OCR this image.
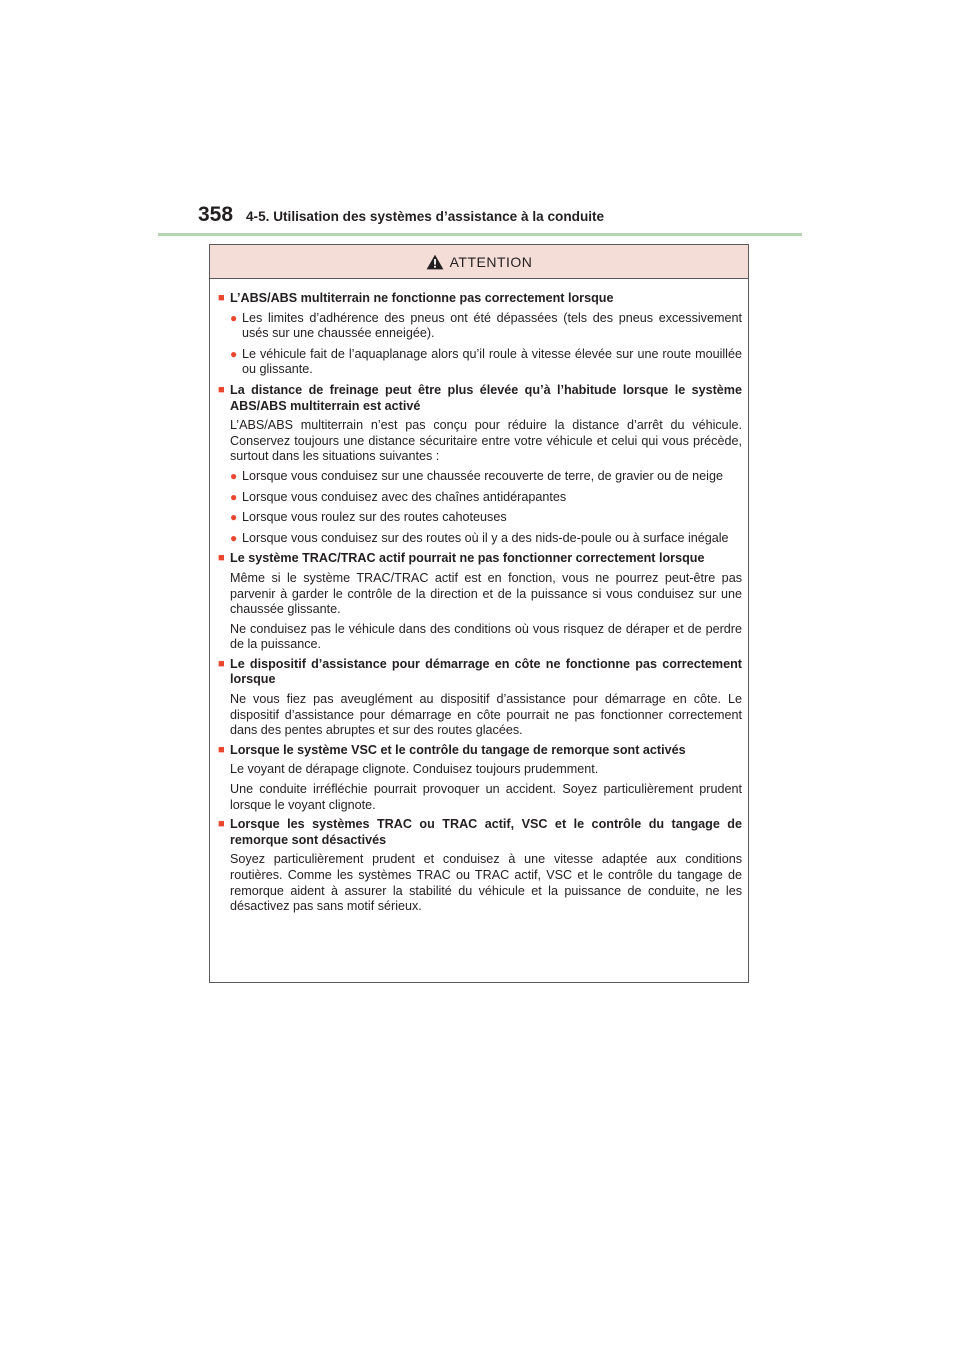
358 4-5. Utilisation des systèmes d’assistance à la conduite
ATTENTION
■ L’ABS/ABS multiterrain ne fonctionne pas correctement lorsque
● Les limites d’adhérence des pneus ont été dépassées (tels des pneus excessivement usés sur une chaussée enneigée).
● Le véhicule fait de l’aquaplanage alors qu’il roule à vitesse élevée sur une route mouillée ou glissante.
■ La distance de freinage peut être plus élevée qu’à l’habitude lorsque le système ABS/ABS multiterrain est activé
L’ABS/ABS multiterrain n’est pas conçu pour réduire la distance d’arrêt du véhicule. Conservez toujours une distance sécuritaire entre votre véhicule et celui qui vous précède, surtout dans les situations suivantes :
● Lorsque vous conduisez sur une chaussée recouverte de terre, de gravier ou de neige
● Lorsque vous conduisez avec des chaînes antidérapantes
● Lorsque vous roulez sur des routes cahoteuses
● Lorsque vous conduisez sur des routes où il y a des nids-de-poule ou à surface inégale
■ Le système TRAC/TRAC actif pourrait ne pas fonctionner correctement lorsque
Même si le système TRAC/TRAC actif est en fonction, vous ne pourrez peut-être pas parvenir à garder le contrôle de la direction et de la puissance si vous conduisez sur une chaussée glissante.
Ne conduisez pas le véhicule dans des conditions où vous risquez de déraper et de perdre de la puissance.
■ Le dispositif d’assistance pour démarrage en côte ne fonctionne pas correctement lorsque
Ne vous fiez pas aveuglément au dispositif d’assistance pour démarrage en côte. Le dispositif d’assistance pour démarrage en côte pourrait ne pas fonctionner correctement dans des pentes abruptes et sur des routes glacées.
■ Lorsque le système VSC et le contrôle du tangage de remorque sont activés
Le voyant de dérapage clignote. Conduisez toujours prudemment.
Une conduite irréfléchie pourrait provoquer un accident. Soyez particulièrement prudent lorsque le voyant clignote.
■ Lorsque les systèmes TRAC ou TRAC actif, VSC et le contrôle du tangage de remorque sont désactivés
Soyez particulièrement prudent et conduisez à une vitesse adaptée aux conditions routières. Comme les systèmes TRAC ou TRAC actif, VSC et le contrôle du tangage de remorque aident à assurer la stabilité du véhicule et la puissance de conduite, ne les désactivez pas sans motif sérieux.
